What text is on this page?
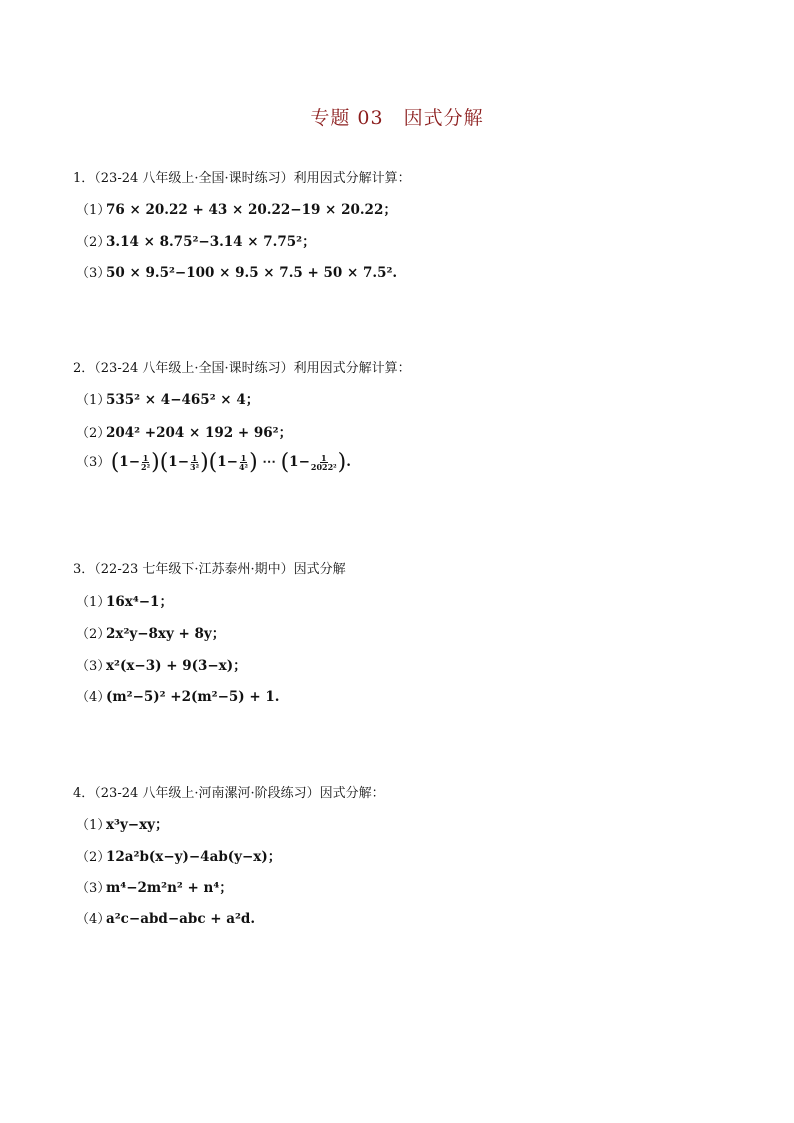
专题 03　因式分解
1．（23-24 八年级上·全国·课时练习）利用因式分解计算：
（1）76 × 20.22 + 43 × 20.22−19 × 20.22；
（2）3.14 × 8.75²−3.14 × 7.75²；
（3）50 × 9.5²−100 × 9.5 × 7.5 + 50 × 7.5².
2．（23-24 八年级上·全国·课时练习）利用因式分解计算：
（1）535² × 4−465² × 4；
（2）204² +204 × 192 + 96²；
（3） $(1- \frac{1}{\text{2²}} )(1- \frac{1}{\text{3²}} )(1- \frac{1}{\text{4²}}$ ) ⋯ ($1- \frac{1}{\text{2022²}}$ ).
3．（22-23 七年级下·江苏泰州·期中）因式分解
（1）16x⁴−1；
（2）2x²y−8xy + 8y；
（3）x²(x−3) + 9(3−x)；
（4）(m²−5)² +2(m²−5) + 1.
4．（23-24 八年级上·河南漯河·阶段练习）因式分解：
（1）x³y−xy；
（2）12a²b(x−y)−4ab(y−x)；
（3）m⁴−2m²n² + n⁴；
（4）a²c−abd−abc + a²d.
